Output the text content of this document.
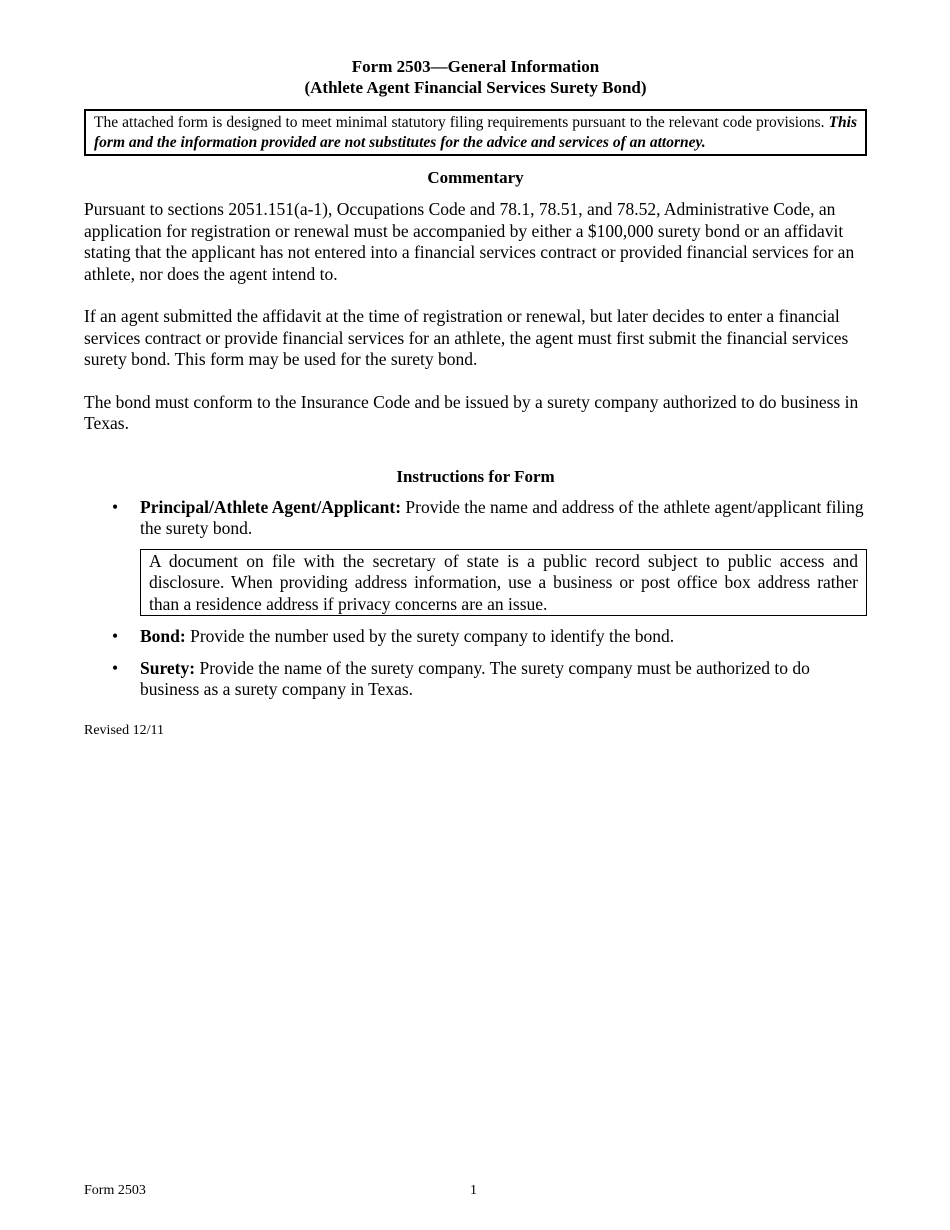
Form 2503—General Information
(Athlete Agent Financial Services Surety Bond)
The attached form is designed to meet minimal statutory filing requirements pursuant to the relevant code provisions. This form and the information provided are not substitutes for the advice and services of an attorney.
Commentary

Pursuant to sections 2051.151(a-1), Occupations Code and 78.1, 78.51, and 78.52, Administrative Code, an application for registration or renewal must be accompanied by either a $100,000 surety bond or an affidavit stating that the applicant has not entered into a financial services contract or provided financial services for an athlete, nor does the agent intend to.

If an agent submitted the affidavit at the time of registration or renewal, but later decides to enter a financial services contract or provide financial services for an athlete, the agent must first submit the financial services surety bond. This form may be used for the surety bond.

The bond must conform to the Insurance Code and be issued by a surety company authorized to do business in Texas.

Instructions for Form
• Principal/Athlete Agent/Applicant: Provide the name and address of the athlete agent/applicant filing the surety bond.
A document on file with the secretary of state is a public record subject to public access and disclosure. When providing address information, use a business or post office box address rather than a residence address if privacy concerns are an issue.
• Bond: Provide the number used by the surety company to identify the bond.
• Surety: Provide the name of the surety company. The surety company must be authorized to do business as a surety company in Texas.
Revised 12/11
Form 2503	1
